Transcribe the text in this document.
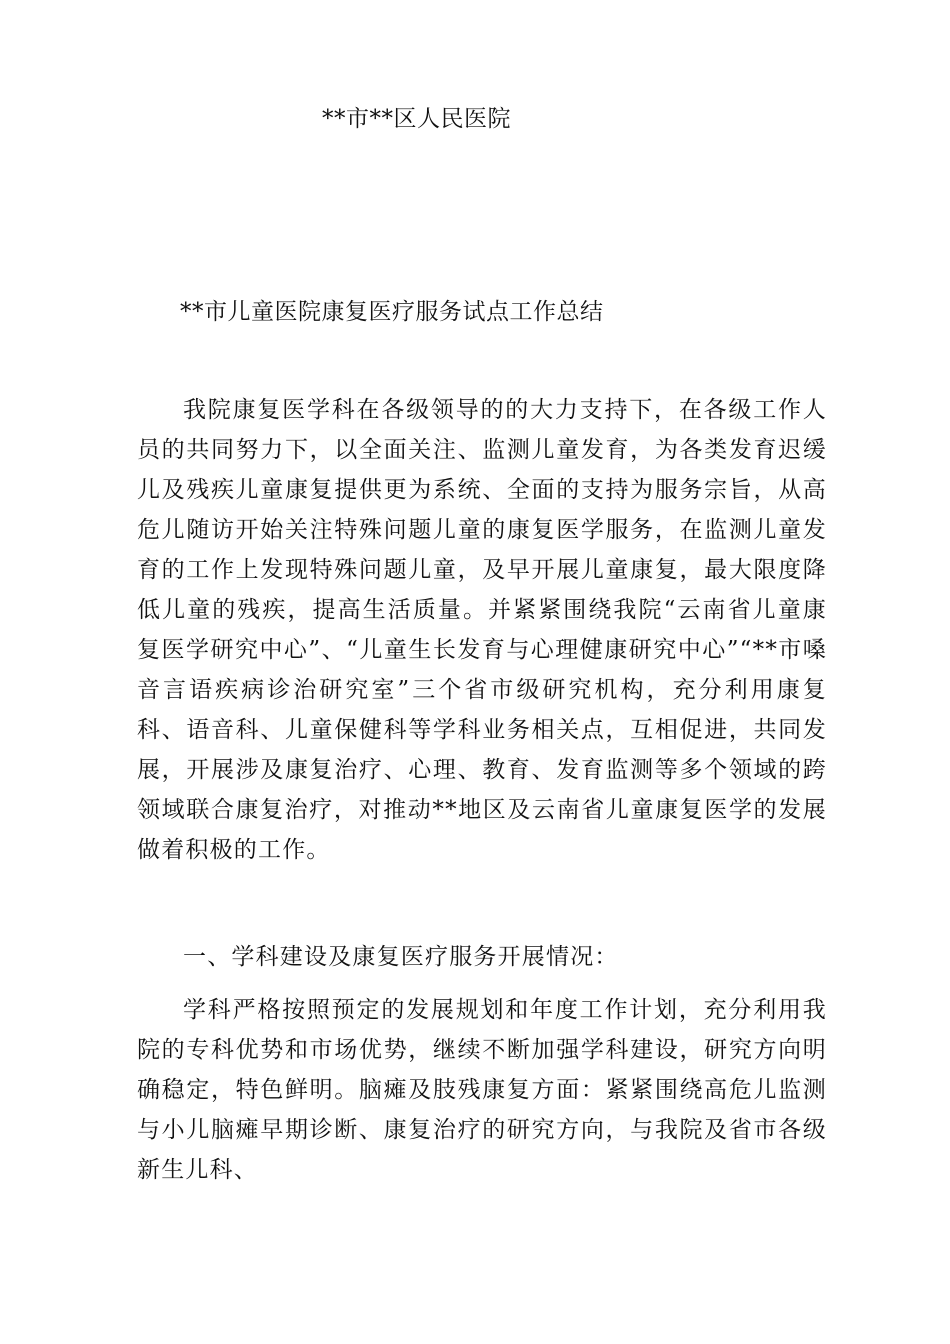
**市**区人民医院
**市儿童医院康复医疗服务试点工作总结
我院康复医学科在各级领导的的大力支持下，在各级工作人员的共同努力下，以全面关注、监测儿童发育，为各类发育迟缓儿及残疾儿童康复提供更为系统、全面的支持为服务宗旨，从高危儿随访开始关注特殊问题儿童的康复医学服务，在监测儿童发育的工作上发现特殊问题儿童，及早开展儿童康复，最大限度降低儿童的残疾，提高生活质量。并紧紧围绕我院“云南省儿童康复医学研究中心”、“儿童生长发育与心理健康研究中心”“**市嗓音言语疾病诊治研究室”三个省市级研究机构，充分利用康复科、语音科、儿童保健科等学科业务相关点，互相促进，共同发展，开展涉及康复治疗、心理、教育、发育监测等多个领域的跨领域联合康复治疗，对推动**地区及云南省儿童康复医学的发展做着积极的工作。
一、学科建设及康复医疗服务开展情况：
学科严格按照预定的发展规划和年度工作计划，充分利用我院的专科优势和市场优势，继续不断加强学科建设，研究方向明确稳定，特色鲜明。脑瘫及肢残康复方面：紧紧围绕高危儿监测与小儿脑瘫早期诊断、康复治疗的研究方向，与我院及省市各级新生儿科、
